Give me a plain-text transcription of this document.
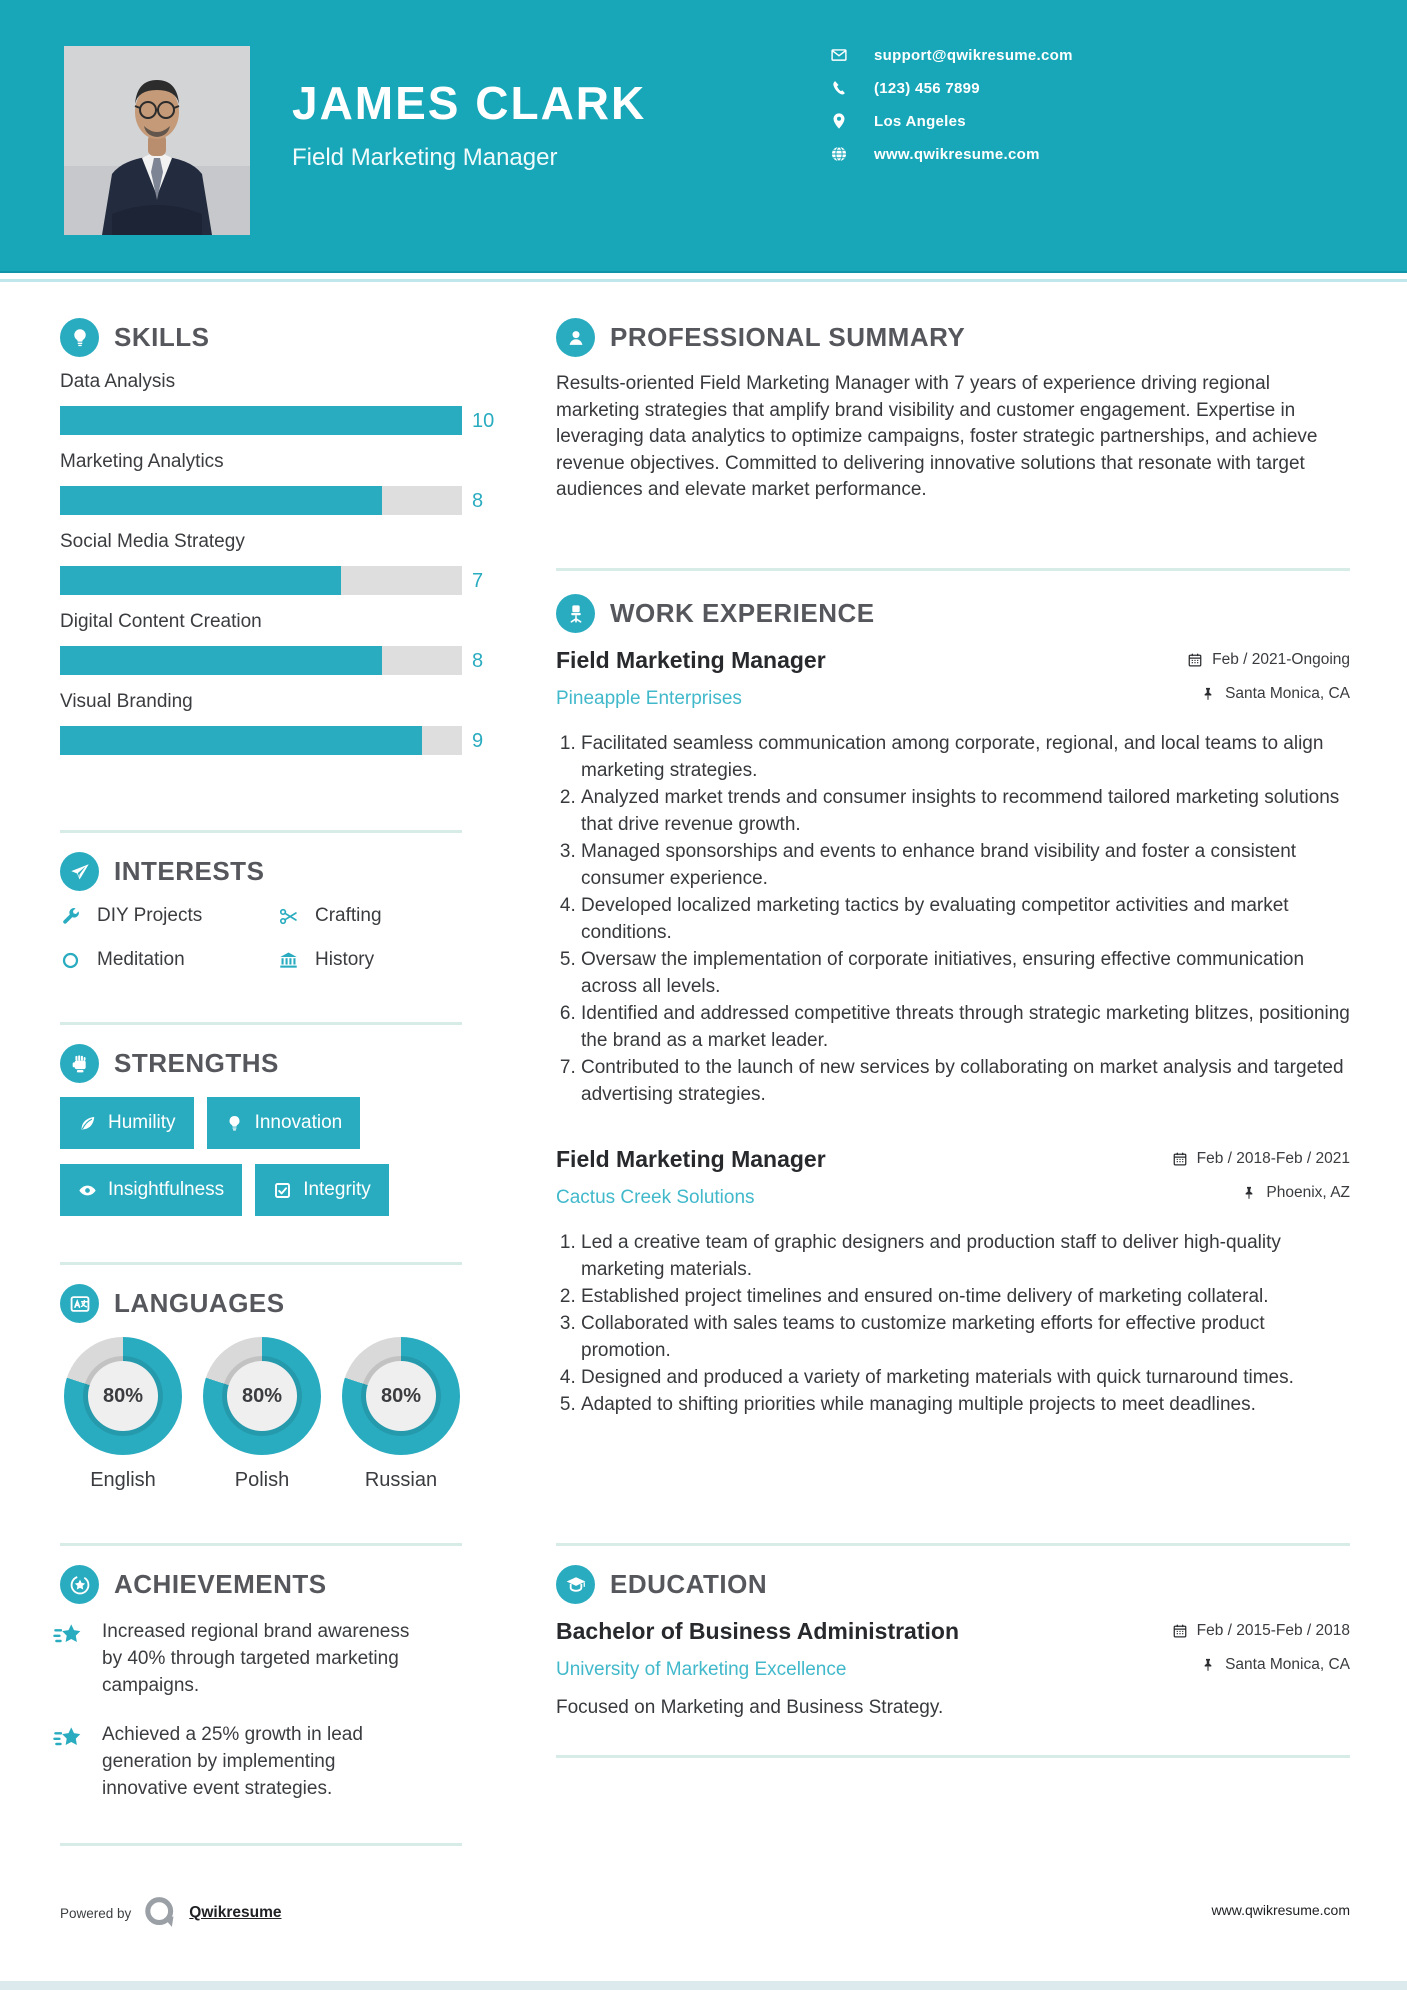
JAMES CLARK
Field Marketing Manager
support@qwikresume.com
(123) 456 7899
Los Angeles
www.qwikresume.com
SKILLS
Data Analysis
10
Marketing Analytics
8
Social Media Strategy
7
Digital Content Creation
8
Visual Branding
9
INTERESTS
DIY Projects	Crafting
Meditation	History
STRENGTHS
Humility	Innovation
Insightfulness	Integrity
LANGUAGES
80%
English
80%
Polish
80%
Russian
ACHIEVEMENTS
Increased regional brand awareness by 40% through targeted marketing campaigns.
Achieved a 25% growth in lead generation by implementing innovative event strategies.
PROFESSIONAL SUMMARY
Results-oriented Field Marketing Manager with 7 years of experience driving regional marketing strategies that amplify brand visibility and customer engagement. Expertise in leveraging data analytics to optimize campaigns, foster strategic partnerships, and achieve revenue objectives. Committed to delivering innovative solutions that resonate with target audiences and elevate market performance.
WORK EXPERIENCE
Field Marketing Manager
Pineapple Enterprises
Feb / 2021-Ongoing
Santa Monica, CA
1. Facilitated seamless communication among corporate, regional, and local teams to align marketing strategies.
2. Analyzed market trends and consumer insights to recommend tailored marketing solutions that drive revenue growth.
3. Managed sponsorships and events to enhance brand visibility and foster a consistent consumer experience.
4. Developed localized marketing tactics by evaluating competitor activities and market conditions.
5. Oversaw the implementation of corporate initiatives, ensuring effective communication across all levels.
6. Identified and addressed competitive threats through strategic marketing blitzes, positioning the brand as a market leader.
7. Contributed to the launch of new services by collaborating on market analysis and targeted advertising strategies.
Field Marketing Manager
Cactus Creek Solutions
Feb / 2018-Feb / 2021
Phoenix, AZ
1. Led a creative team of graphic designers and production staff to deliver high-quality marketing materials.
2. Established project timelines and ensured on-time delivery of marketing collateral.
3. Collaborated with sales teams to customize marketing efforts for effective product promotion.
4. Designed and produced a variety of marketing materials with quick turnaround times.
5. Adapted to shifting priorities while managing multiple projects to meet deadlines.
EDUCATION
Bachelor of Business Administration
University of Marketing Excellence
Feb / 2015-Feb / 2018
Santa Monica, CA
Focused on Marketing and Business Strategy.
Powered by	Qwikresume	www.qwikresume.com
